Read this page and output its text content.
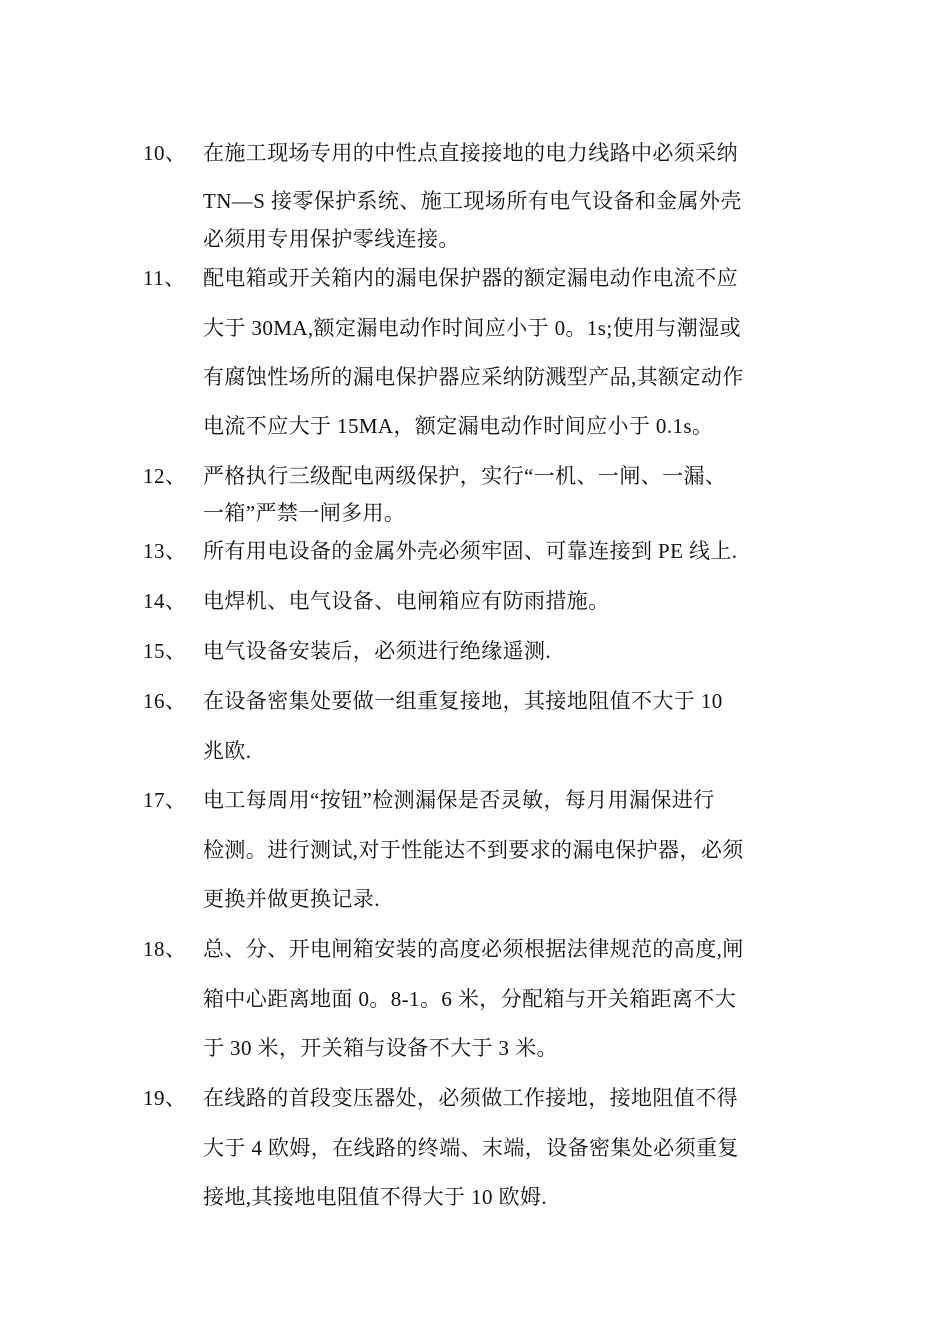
10、 在施工现场专用的中性点直接接地的电力线路中必须采纳
TN—S 接零保护系统、施工现场所有电气设备和金属外壳
必须用专用保护零线连接。
11、 配电箱或开关箱内的漏电保护器的额定漏电动作电流不应
大于 30MA,额定漏电动作时间应小于 0。1s;使用与潮湿或
有腐蚀性场所的漏电保护器应采纳防溅型产品,其额定动作
电流不应大于 15MA，额定漏电动作时间应小于 0.1s。
12、 严格执行三级配电两级保护，实行“一机、一闸、一漏、
一箱”严禁一闸多用。
13、 所有用电设备的金属外壳必须牢固、可靠连接到 PE 线上.
14、 电焊机、电气设备、电闸箱应有防雨措施。
15、 电气设备安装后，必须进行绝缘遥测.
16、 在设备密集处要做一组重复接地，其接地阻值不大于 10
兆欧.
17、 电工每周用“按钮”检测漏保是否灵敏，每月用漏保进行
检测。进行测试,对于性能达不到要求的漏电保护器，必须
更换并做更换记录.
18、 总、分、开电闸箱安装的高度必须根据法律规范的高度,闸
箱中心距离地面 0。8-1。6 米，分配箱与开关箱距离不大
于 30 米，开关箱与设备不大于 3 米。
19、 在线路的首段变压器处，必须做工作接地，接地阻值不得
大于 4 欧姆，在线路的终端、末端，设备密集处必须重复
接地,其接地电阻值不得大于 10 欧姆.
